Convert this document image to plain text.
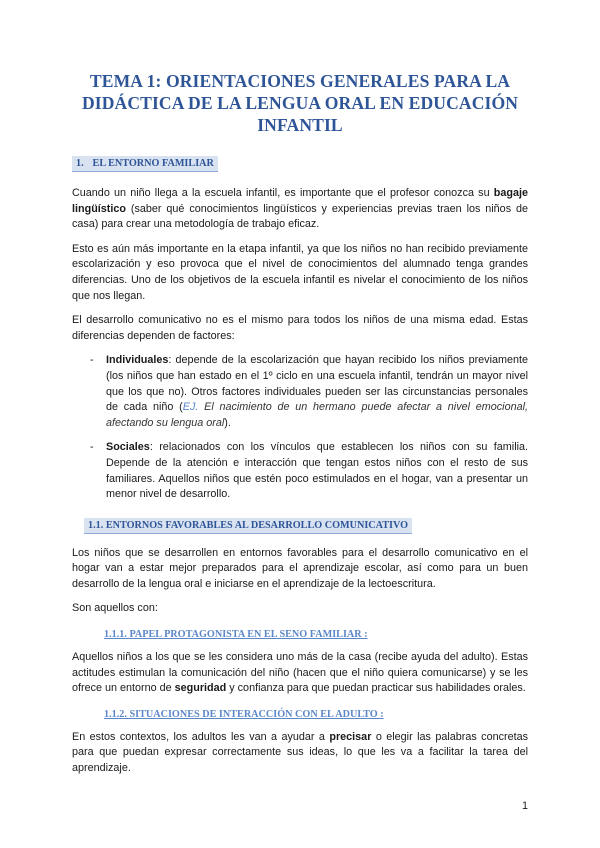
TEMA 1: ORIENTACIONES GENERALES PARA LA DIDÁCTICA DE LA LENGUA ORAL EN EDUCACIÓN INFANTIL
1. EL ENTORNO FAMILIAR

Cuando un niño llega a la escuela infantil, es importante que el profesor conozca su bagaje lingüístico (saber qué conocimientos lingüísticos y experiencias previas traen los niños de casa) para crear una metodología de trabajo eficaz.

Esto es aún más importante en la etapa infantil, ya que los niños no han recibido previamente escolarización y eso provoca que el nivel de conocimientos del alumnado tenga grandes diferencias. Uno de los objetivos de la escuela infantil es nivelar el conocimiento de los niños que nos llegan.

El desarrollo comunicativo no es el mismo para todos los niños de una misma edad. Estas diferencias dependen de factores:

- Individuales: depende de la escolarización que hayan recibido los niños previamente (los niños que han estado en el 1º ciclo en una escuela infantil, tendrán un mayor nivel que los que no). Otros factores individuales pueden ser las circunstancias personales de cada niño (EJ. El nacimiento de un hermano puede afectar a nivel emocional, afectando su lengua oral).
- Sociales: relacionados con los vínculos que establecen los niños con su familia. Depende de la atención e interacción que tengan estos niños con el resto de sus familiares. Aquellos niños que estén poco estimulados en el hogar, van a presentar un menor nivel de desarrollo.
1.1. ENTORNOS FAVORABLES AL DESARROLLO COMUNICATIVO

Los niños que se desarrollen en entornos favorables para el desarrollo comunicativo en el hogar van a estar mejor preparados para el aprendizaje escolar, así como para un buen desarrollo de la lengua oral e iniciarse en el aprendizaje de la lectoescritura.

Son aquellos con:

1.1.1. PAPEL PROTAGONISTA EN EL SENO FAMILIAR :

Aquellos niños a los que se les considera uno más de la casa (recibe ayuda del adulto). Estas actitudes estimulan la comunicación del niño (hacen que el niño quiera comunicarse) y se les ofrece un entorno de seguridad y confianza para que puedan practicar sus habilidades orales.

1.1.2. SITUACIONES DE INTERACCIÓN CON EL ADULTO :

En estos contextos, los adultos les van a ayudar a precisar o elegir las palabras concretas para que puedan expresar correctamente sus ideas, lo que les va a facilitar la tarea del aprendizaje.

1
